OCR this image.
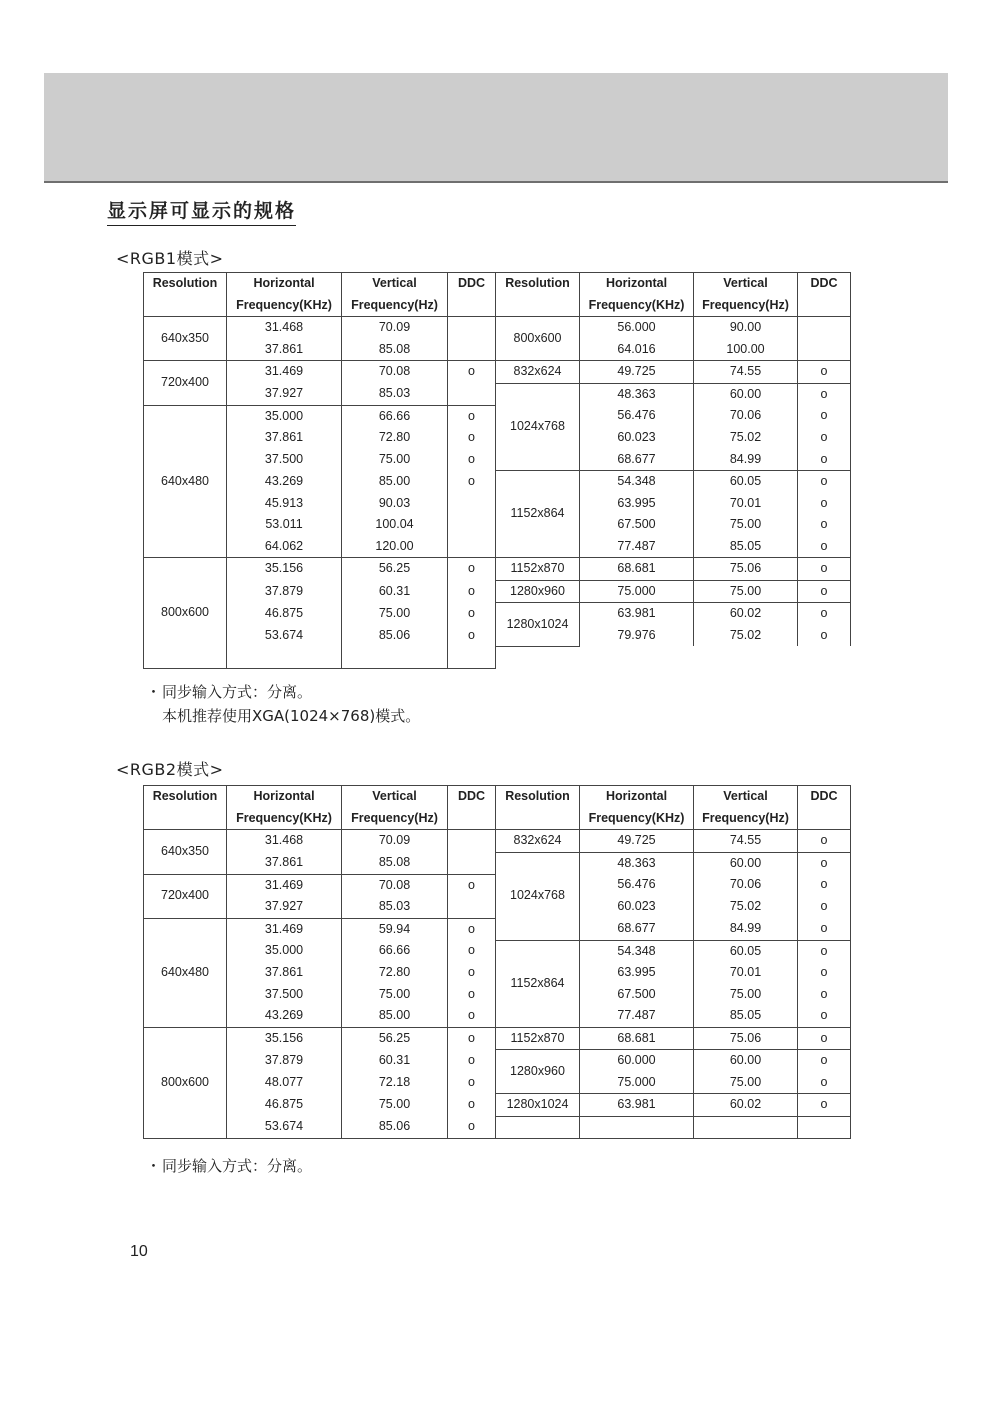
显示屏可显示的规格
<RGB1模式>
Resolution	Horizontal	Vertical	DDC	Resolution	Horizontal	Vertical	DDC
	Frequency(KHz)	Frequency(Hz)			Frequency(KHz)	Frequency(Hz)	
640x350	31.468	70.09		800x600	56.000	90.00	
	37.861	85.08			64.016	100.00	
720x400	31.469	70.08	o	832x624	49.725	74.55	o
	37.927	85.03		1024x768	48.363	60.00	o
640x480	35.000	66.66	o		56.476	70.06	o
	37.861	72.80	o		60.023	75.02	o
	37.500	75.00	o		68.677	84.99	o
	43.269	85.00	o	1152x864	54.348	60.05	o
	45.913	90.03			63.995	70.01	o
	53.011	100.04			67.500	75.00	o
	64.062	120.00			77.487	85.05	o
800x600	35.156	56.25	o	1152x870	68.681	75.06	o
	37.879	60.31	o	1280x960	75.000	75.00	o
	46.875	75.00	o	1280x1024	63.981	60.02	o
	53.674	85.06	o		79.976	75.02	o

・同步输入方式：分离。
本机推荐使用XGA(1024×768)模式。
<RGB2模式>
Resolution	Horizontal	Vertical	DDC	Resolution	Horizontal	Vertical	DDC
	Frequency(KHz)	Frequency(Hz)			Frequency(KHz)	Frequency(Hz)	
640x350	31.468	70.09		832x624	49.725	74.55	o
	37.861	85.08		1024x768	48.363	60.00	o
720x400	31.469	70.08	o		56.476	70.06	o
	37.927	85.03			60.023	75.02	o
640x480	31.469	59.94	o		68.677	84.99	o
	35.000	66.66	o	1152x864	54.348	60.05	o
	37.861	72.80	o		63.995	70.01	o
	37.500	75.00	o		67.500	75.00	o
	43.269	85.00	o		77.487	85.05	o
800x600	35.156	56.25	o	1152x870	68.681	75.06	o
	37.879	60.31	o	1280x960	60.000	60.00	o
	48.077	72.18	o		75.000	75.00	o
	46.875	75.00	o	1280x1024	63.981	60.02	o
	53.674	85.06	o				
・同步输入方式：分离。
10
